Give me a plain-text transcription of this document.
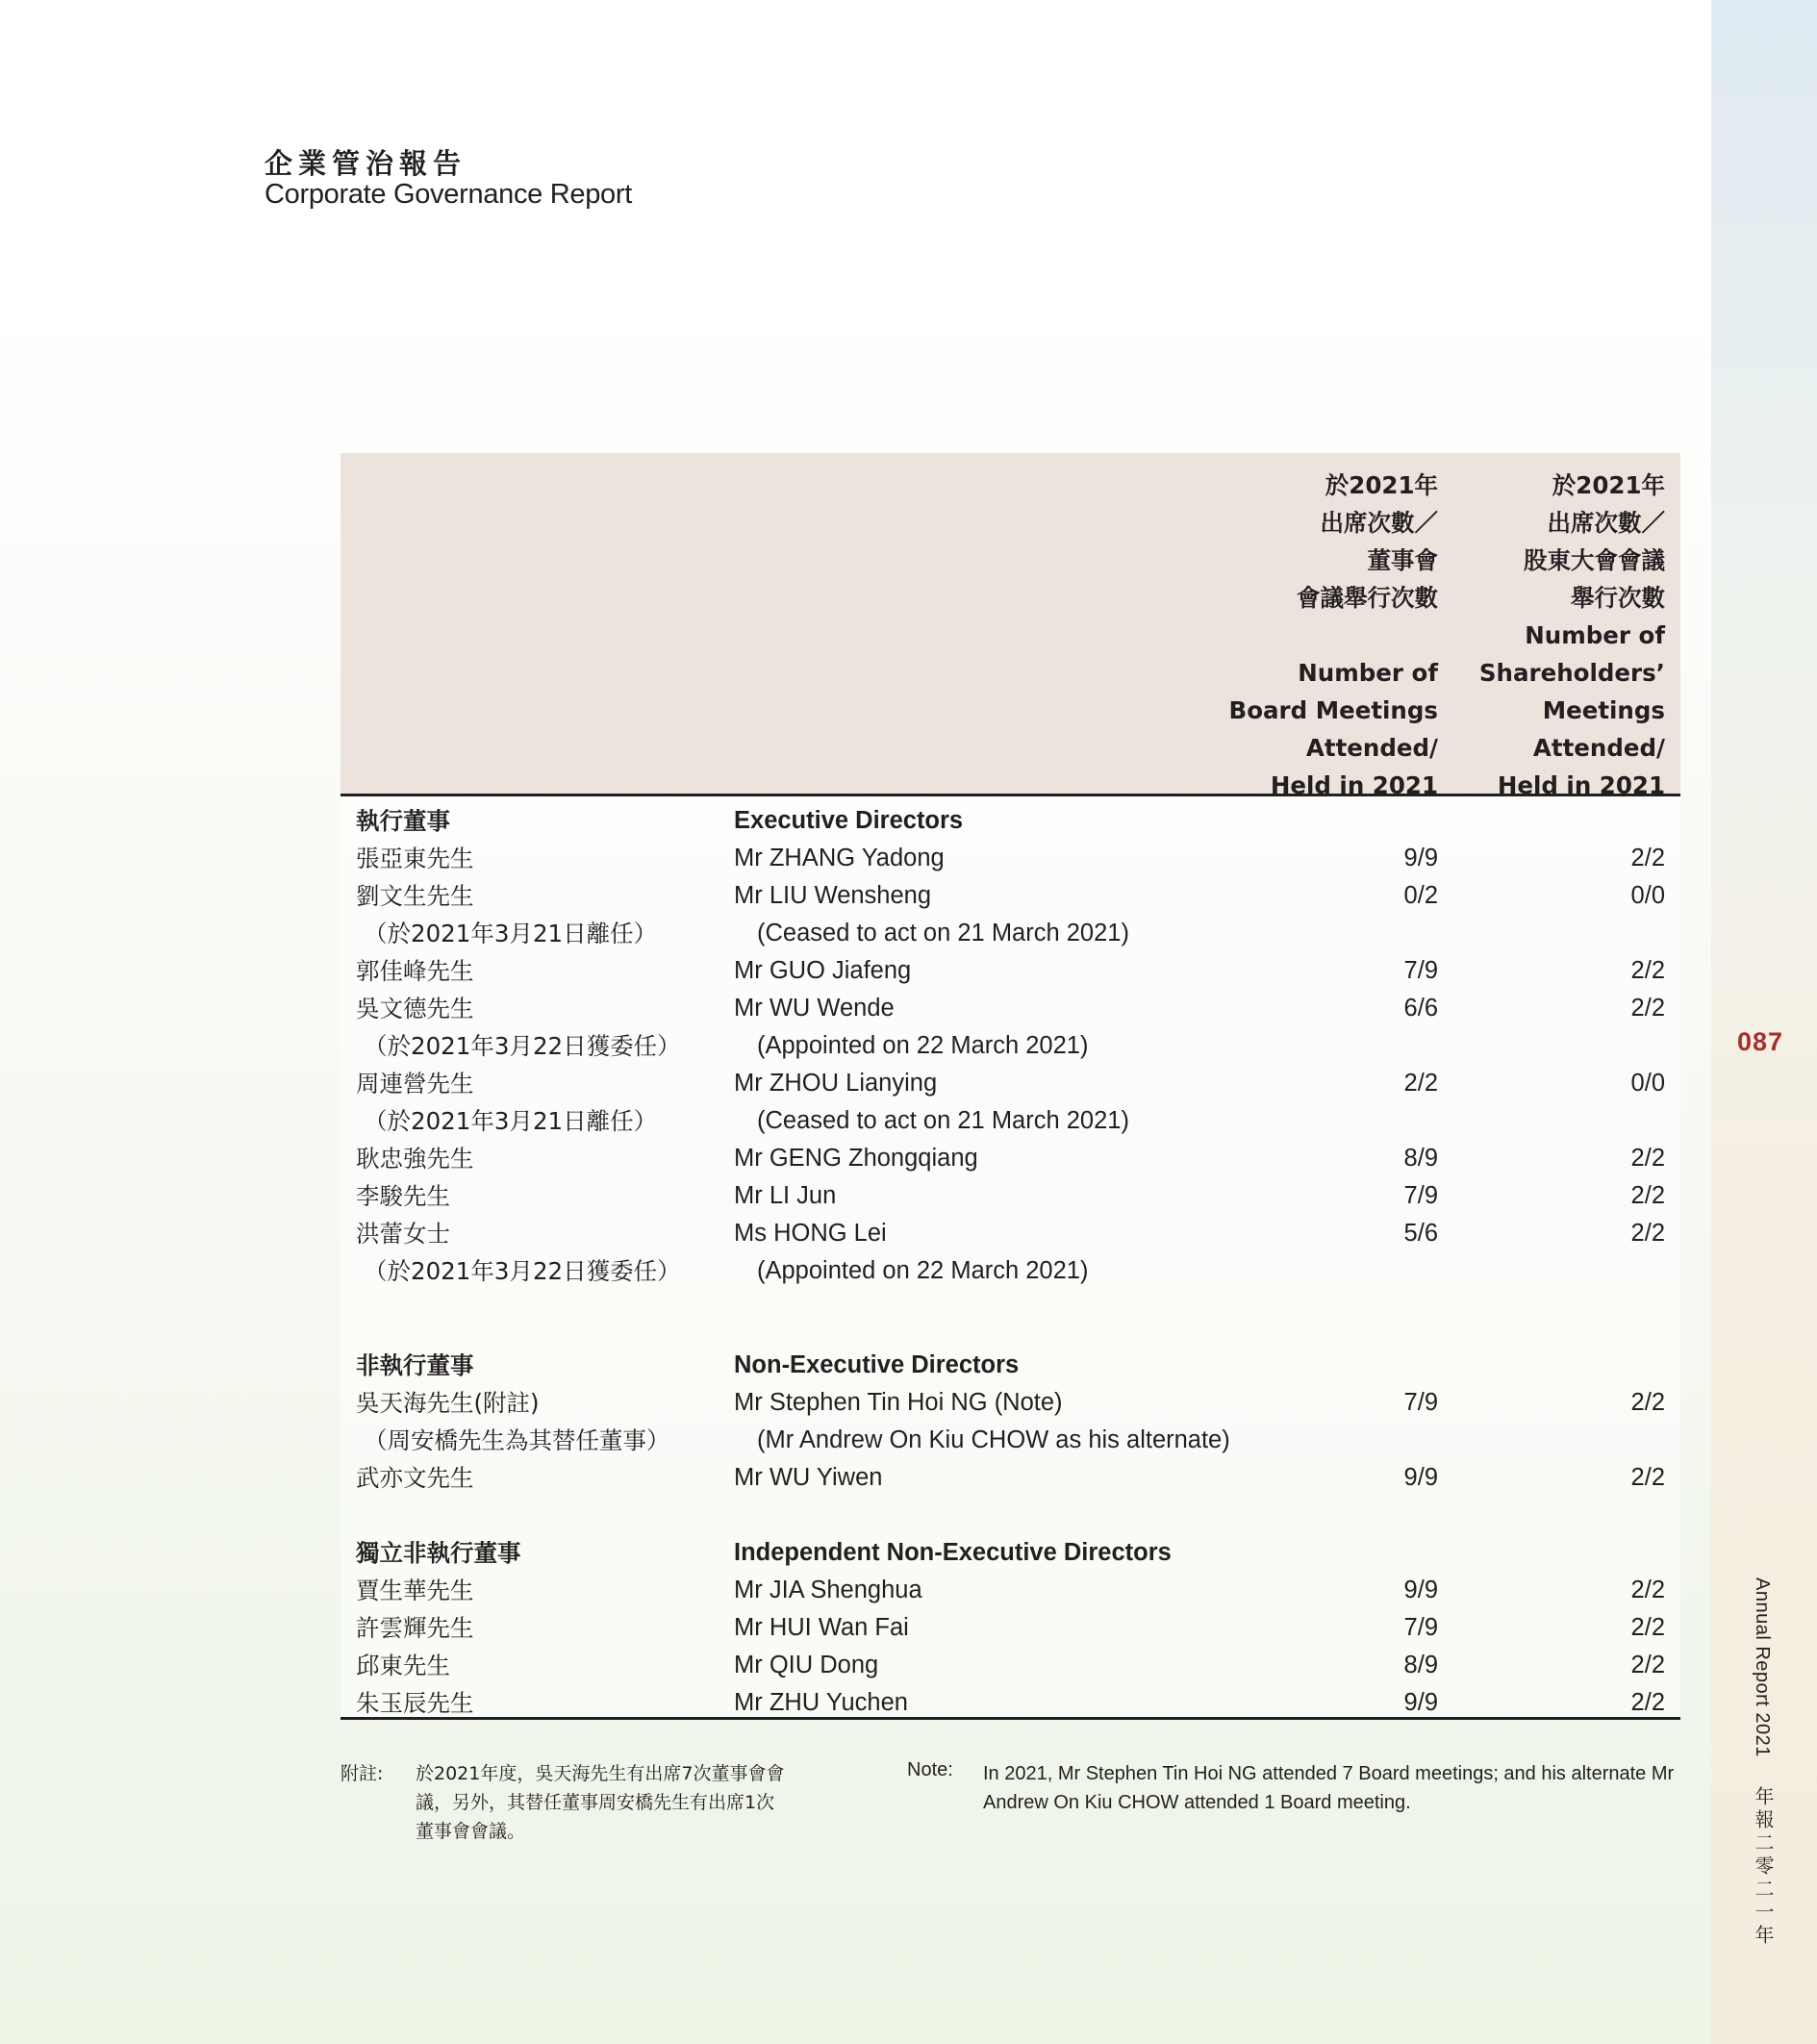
企業管治報告
Corporate Governance Report
於2021年
出席次數／
董事會
會議舉行次數
Number of
Board Meetings
Attended/
Held in 2021
於2021年
出席次數／
股東大會會議
舉行次數
Number of
Shareholders’
Meetings
Attended/
Held in 2021
執行董事	Executive Directors
張亞東先生	Mr ZHANG Yadong	9/9	2/2
劉文生先生	Mr LIU Wensheng	0/2	0/0
（於2021年3月21日離任）	(Ceased to act on 21 March 2021)
郭佳峰先生	Mr GUO Jiafeng	7/9	2/2
吳文德先生	Mr WU Wende	6/6	2/2
（於2021年3月22日獲委任）	(Appointed on 22 March 2021)
周連營先生	Mr ZHOU Lianying	2/2	0/0
（於2021年3月21日離任）	(Ceased to act on 21 March 2021)
耿忠強先生	Mr GENG Zhongqiang	8/9	2/2
李駿先生	Mr LI Jun	7/9	2/2
洪蕾女士	Ms HONG Lei	5/6	2/2
（於2021年3月22日獲委任）	(Appointed on 22 March 2021)
非執行董事	Non-Executive Directors
吳天海先生(附註)	Mr Stephen Tin Hoi NG (Note)	7/9	2/2
（周安橋先生為其替任董事）	(Mr Andrew On Kiu CHOW as his alternate)
武亦文先生	Mr WU Yiwen	9/9	2/2
獨立非執行董事	Independent Non-Executive Directors
賈生華先生	Mr JIA Shenghua	9/9	2/2
許雲輝先生	Mr HUI Wan Fai	7/9	2/2
邱東先生	Mr QIU Dong	8/9	2/2
朱玉辰先生	Mr ZHU Yuchen	9/9	2/2
附註: 於2021年度，吳天海先生有出席7次董事會會議，另外，其替任董事周安橋先生有出席1次董事會會議。
Note: In 2021, Mr Stephen Tin Hoi NG attended 7 Board meetings; and his alternate Mr Andrew On Kiu CHOW attended 1 Board meeting.
087
Annual Report 2021 年報二零二一年
